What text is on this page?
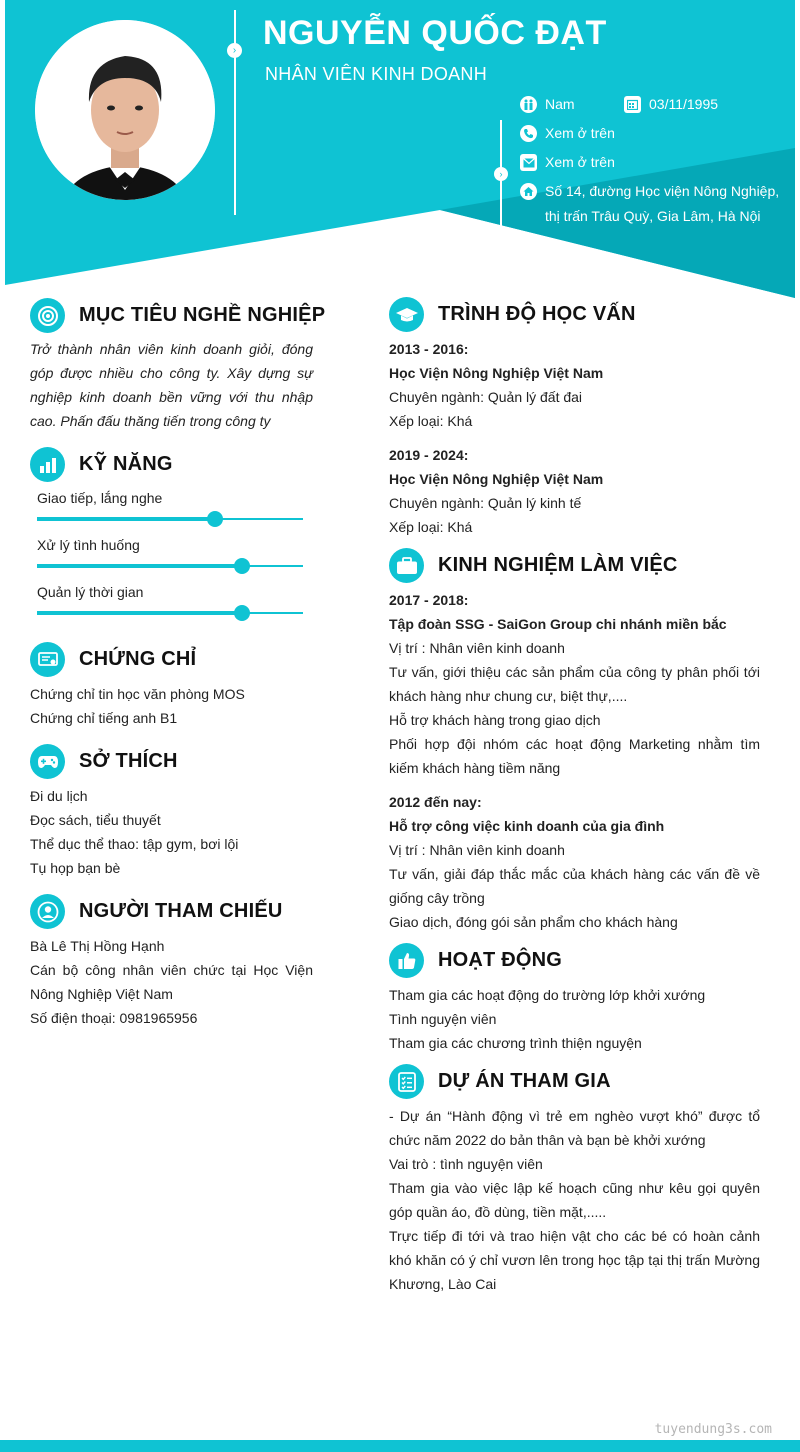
› NGUYỄN QUỐC ĐẠT
NHÂN VIÊN KINH DOANH
›
Nam	03/11/1995
Xem ở trên
Xem ở trên
Số 14, đường Học viện Nông Nghiệp,
thị trấn Trâu Quỳ, Gia Lâm, Hà Nội
MỤC TIÊU NGHỀ NGHIỆP
Trở thành nhân viên kinh doanh giỏi, đóng góp được nhiều cho công ty. Xây dựng sự nghiệp kinh doanh bền vững với thu nhập cao. Phấn đấu thăng tiến trong công ty
KỸ NĂNG
Giao tiếp, lắng nghe
Xử lý tình huống
Quản lý thời gian
CHỨNG CHỈ
Chứng chỉ tin học văn phòng MOS
Chứng chỉ tiếng anh B1
SỞ THÍCH
Đi du lịch
Đọc sách, tiểu thuyết
Thể dục thể thao: tập gym, bơi lội
Tụ họp bạn bè
NGƯỜI THAM CHIẾU
Bà Lê Thị Hồng Hạnh
Cán bộ công nhân viên chức tại Học Viện Nông Nghiệp Việt Nam
Số điện thoại: 0981965956
TRÌNH ĐỘ HỌC VẤN
2013 - 2016:
Học Viện Nông Nghiệp Việt Nam
Chuyên ngành: Quản lý đất đai
Xếp loại: Khá
2019 - 2024:
Học Viện Nông Nghiệp Việt Nam
Chuyên ngành: Quản lý kinh tế
Xếp loại: Khá
KINH NGHIỆM LÀM VIỆC
2017 - 2018:
Tập đoàn SSG - SaiGon Group chi nhánh miền bắc
Vị trí : Nhân viên kinh doanh
Tư vấn, giới thiệu các sản phẩm của công ty phân phối tới khách hàng như chung cư, biệt thự,....
Hỗ trợ khách hàng trong giao dịch
Phối hợp đội nhóm các hoạt động Marketing nhằm tìm kiếm khách hàng tiềm năng
2012 đến nay:
Hỗ trợ công việc kinh doanh của gia đình
Vị trí : Nhân viên kinh doanh
Tư vấn, giải đáp thắc mắc của khách hàng các vấn đề về giống cây trồng
Giao dịch, đóng gói sản phẩm cho khách hàng
HOẠT ĐỘNG
Tham gia các hoạt động do trường lớp khởi xướng
Tình nguyện viên
Tham gia các chương trình thiện nguyện
DỰ ÁN THAM GIA
- Dự án “Hành động vì trẻ em nghèo vượt khó” được tổ chức năm 2022 do bản thân và bạn bè khởi xướng
Vai trò : tình nguyện viên
Tham gia vào việc lập kế hoạch cũng như kêu gọi quyên góp quần áo, đồ dùng, tiền mặt,.....
Trực tiếp đi tới và trao hiện vật cho các bé có hoàn cảnh khó khăn có ý chỉ vươn lên trong học tập tại thị trấn Mường Khương, Lào Cai
tuyendung3s.com
